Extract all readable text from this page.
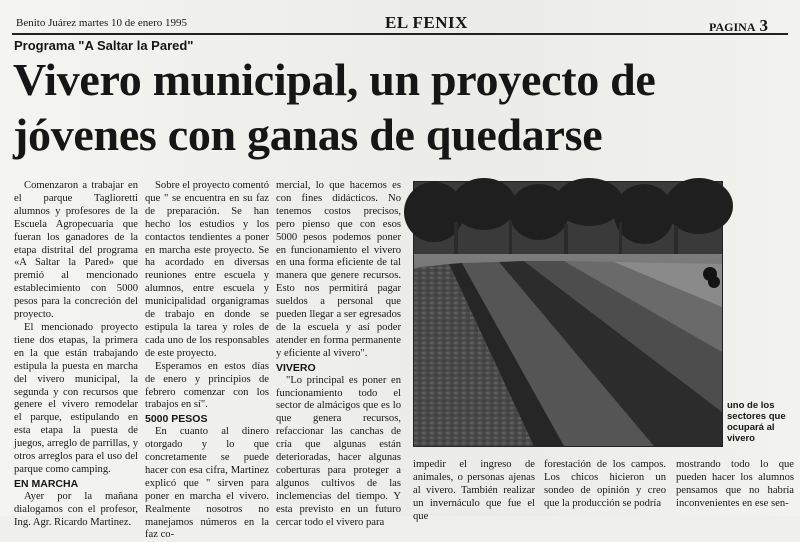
Benito Juárez martes 10 de enero 1995	EL FENIX	PAGINA 3
Programa "A Saltar la Pared"
Vivero municipal, un proyecto de
jóvenes con ganas de quedarse

Comenzaron a trabajar en el parque Taglioretti alumnos y profesores de la Escuela Agropecuaria que fueran los ganadores de la etapa distrital del programa «A Saltar la Pared» que premió al mencionado establecimiento con 5000 pesos para la concreción del proyecto.

El mencionado proyecto tiene dos etapas, la primera en la que están trabajando estipula la puesta en marcha del vivero municipal, la segunda y con recursos que genere el vivero remodelar el parque, estipulando en esta etapa la puesta de juegos, arreglo de parrillas, y otros arreglos para el uso del parque como camping.

EN MARCHA

Ayer por la mañana dialogamos con el profesor, Ing. Agr. Ricardo Martinez.

Sobre el proyecto comentó que " se encuentra en su faz de preparación. Se han hecho los estudios y los contactos tendientes a poner en marcha este proyecto. Se ha acordado en diversas reuniones entre escuela y alumnos, entre escuela y municipalidad organigramas de trabajo en donde se estipula la tarea y roles de cada uno de los responsables de este proyecto.

Esperamos en estos días de enero y principios de febrero comenzar con los trabajos en sí".

5000 PESOS

En cuanto al dinero otorgado y lo que concretamente se puede hacer con esa cifra, Martinez explicó que " sirven para poner en marcha el vivero. Realmente nosotros no manejamos números en la faz co-

mercial, lo que hacemos es con fines didácticos. No tenemos costos precisos, pero pienso que con esos 5000 pesos podemos poner en funcionamiento el vivero en una forma eficiente de tal manera que genere recursos. Esto nos permitirá pagar sueldos a personal que pueden llegar a ser egresados de la escuela y así poder atender en forma permanente y eficiente al vivero".

VIVERO

"Lo principal es poner en funcionamiento todo el sector de almácigos que es lo que genera recursos, refaccionar las canchas de cría que algunas están deterioradas, hacer algunas coberturas para proteger a algunos cultivos de las inclemencias del tiempo. Y esta previsto en un futuro cercar todo el vivero para

uno de los sectores que ocupará al vivero
impedir el ingreso de animales, o personas ajenas al vivero. También realizar un invernáculo que fue el que
forestación de los campos. Los chicos hicieron un sondeo de opinión y creo que la producción se podría
mostrando todo lo que pueden hacer los alumnos pensamos que no habría inconvenientes en ese sen-
